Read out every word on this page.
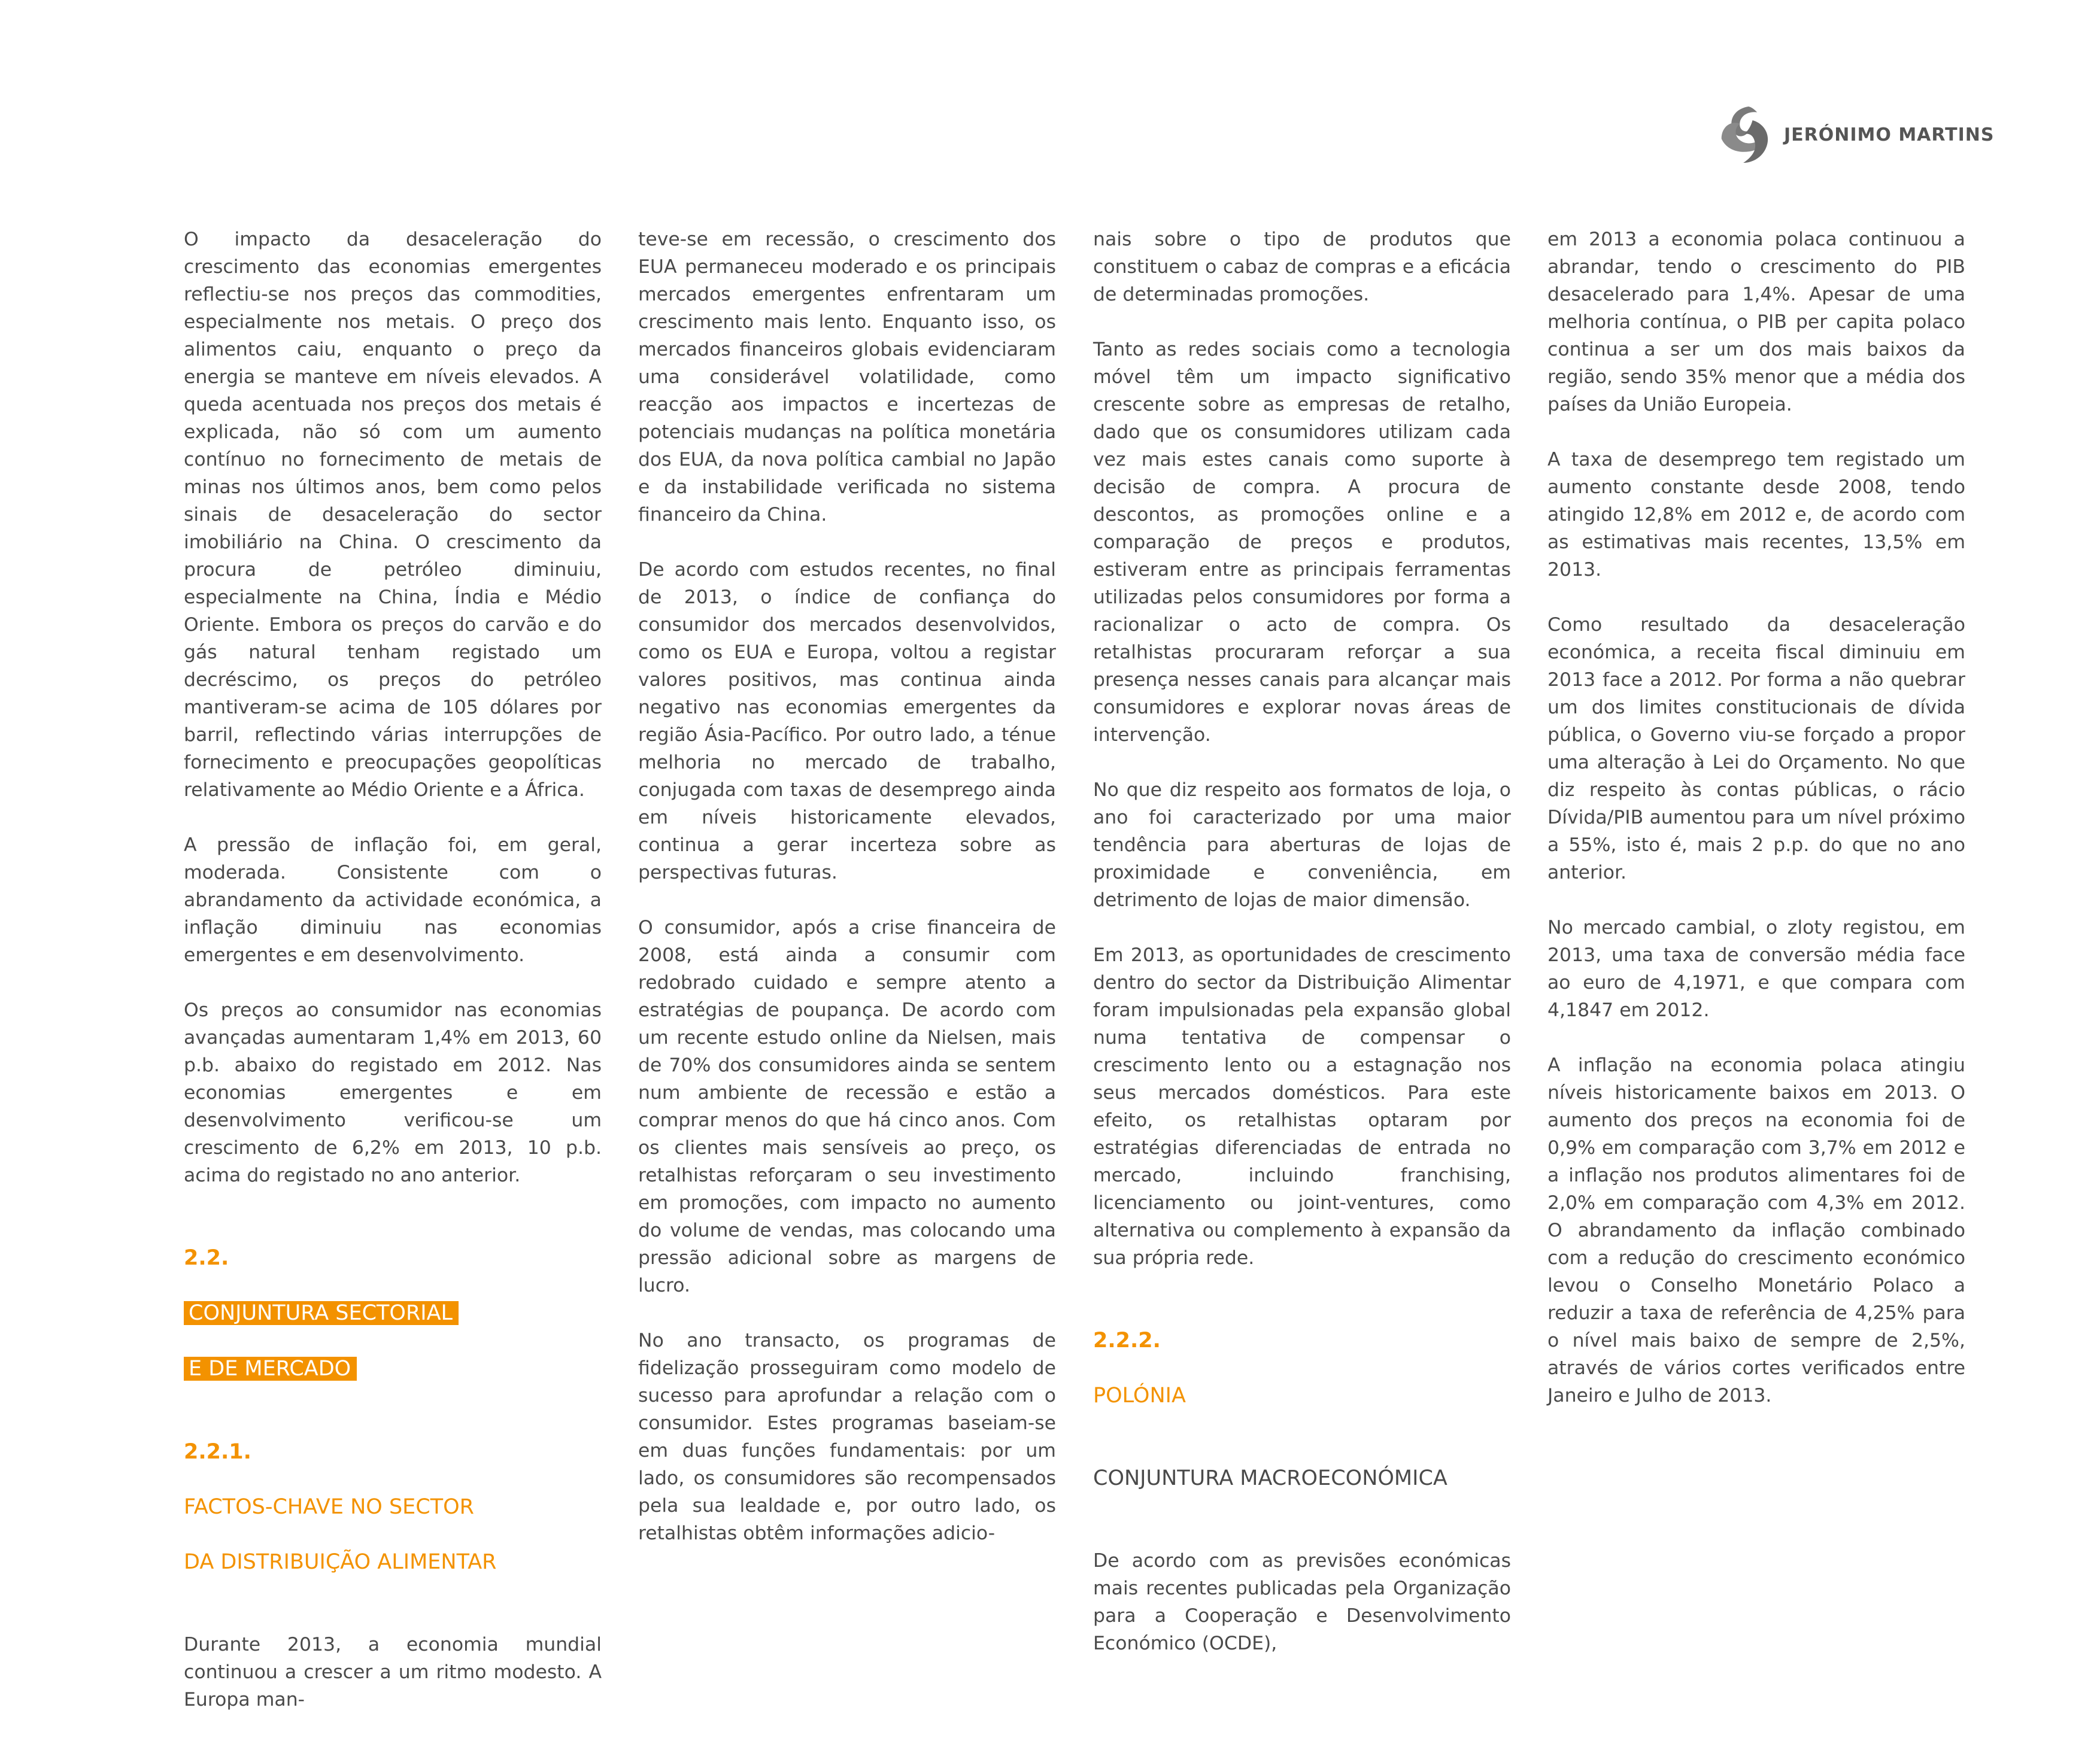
JERÓNIMO MARTINS

O impacto da desaceleração do crescimento das economias emergentes reflectiu-se nos preços das commodities, especialmente nos metais. O preço dos alimentos caiu, enquanto o preço da energia se manteve em níveis elevados. A queda acentuada nos preços dos metais é explicada, não só com um aumento contínuo no fornecimento de metais de minas nos últimos anos, bem como pelos sinais de desaceleração do sector imobiliário na China. O crescimento da procura de petróleo diminuiu, especialmente na China, Índia e Médio Oriente. Embora os preços do carvão e do gás natural tenham registado um decréscimo, os preços do petróleo mantiveram-se acima de 105 dólares por barril, reflectindo várias interrupções de fornecimento e preocupações geopolíticas relativamente ao Médio Oriente e a África.

A pressão de inflação foi, em geral, moderada. Consistente com o abrandamento da actividade económica, a inflação diminuiu nas economias emergentes e em desenvolvimento.

Os preços ao consumidor nas economias avançadas aumentaram 1,4% em 2013, 60 p.b. abaixo do registado em 2012. Nas economias emergentes e em desenvolvimento verificou-se um crescimento de 6,2% em 2013, 10 p.b. acima do registado no ano anterior.

2.2.

CONJUNTURA SECTORIAL

E DE MERCADO

2.2.1.

FACTOS-CHAVE NO SECTOR

DA DISTRIBUIÇÃO ALIMENTAR

Durante 2013, a economia mundial continuou a crescer a um ritmo modesto. A Europa man-

teve-se em recessão, o crescimento dos EUA permaneceu moderado e os principais mercados emergentes enfrentaram um crescimento mais lento. Enquanto isso, os mercados financeiros globais evidenciaram uma considerável volatilidade, como reacção aos impactos e incertezas de potenciais mudanças na política monetária dos EUA, da nova política cambial no Japão e da instabilidade verificada no sistema financeiro da China.

De acordo com estudos recentes, no final de 2013, o índice de confiança do consumidor dos mercados desenvolvidos, como os EUA e Europa, voltou a registar valores positivos, mas continua ainda negativo nas economias emergentes da região Ásia-Pacífico. Por outro lado, a ténue melhoria no mercado de trabalho, conjugada com taxas de desemprego ainda em níveis historicamente elevados, continua a gerar incerteza sobre as perspectivas futuras.

O consumidor, após a crise financeira de 2008, está ainda a consumir com redobrado cuidado e sempre atento a estratégias de poupança. De acordo com um recente estudo online da Nielsen, mais de 70% dos consumidores ainda se sentem num ambiente de recessão e estão a comprar menos do que há cinco anos. Com os clientes mais sensíveis ao preço, os retalhistas reforçaram o seu investimento em promoções, com impacto no aumento do volume de vendas, mas colocando uma pressão adicional sobre as margens de lucro.

No ano transacto, os programas de fidelização prosseguiram como modelo de sucesso para aprofundar a relação com o consumidor. Estes programas baseiam-se em duas funções fundamentais: por um lado, os consumidores são recompensados pela sua lealdade e, por outro lado, os retalhistas obtêm informações adicio-

nais sobre o tipo de produtos que constituem o cabaz de compras e a eficácia de determinadas promoções.

Tanto as redes sociais como a tecnologia móvel têm um impacto significativo crescente sobre as empresas de retalho, dado que os consumidores utilizam cada vez mais estes canais como suporte à decisão de compra. A procura de descontos, as promoções online e a comparação de preços e produtos, estiveram entre as principais ferramentas utilizadas pelos consumidores por forma a racionalizar o acto de compra. Os retalhistas procuraram reforçar a sua presença nesses canais para alcançar mais consumidores e explorar novas áreas de intervenção.

No que diz respeito aos formatos de loja, o ano foi caracterizado por uma maior tendência para aberturas de lojas de proximidade e conveniência, em detrimento de lojas de maior dimensão.

Em 2013, as oportunidades de crescimento dentro do sector da Distribuição Alimentar foram impulsionadas pela expansão global numa tentativa de compensar o crescimento lento ou a estagnação nos seus mercados domésticos. Para este efeito, os retalhistas optaram por estratégias diferenciadas de entrada no mercado, incluindo franchising, licenciamento ou joint-ventures, como alternativa ou complemento à expansão da sua própria rede.

2.2.2.

POLÓNIA

CONJUNTURA MACROECONÓMICA

De acordo com as previsões económicas mais recentes publicadas pela Organização para a Cooperação e Desenvolvimento Económico (OCDE),

em 2013 a economia polaca continuou a abrandar, tendo o crescimento do PIB desacelerado para 1,4%. Apesar de uma melhoria contínua, o PIB per capita polaco continua a ser um dos mais baixos da região, sendo 35% menor que a média dos países da União Europeia.

A taxa de desemprego tem registado um aumento constante desde 2008, tendo atingido 12,8% em 2012 e, de acordo com as estimativas mais recentes, 13,5% em 2013.

Como resultado da desaceleração económica, a receita fiscal diminuiu em 2013 face a 2012. Por forma a não quebrar um dos limites constitucionais de dívida pública, o Governo viu-se forçado a propor uma alteração à Lei do Orçamento. No que diz respeito às contas públicas, o rácio Dívida/PIB aumentou para um nível próximo a 55%, isto é, mais 2 p.p. do que no ano anterior.

No mercado cambial, o zloty registou, em 2013, uma taxa de conversão média face ao euro de 4,1971, e que compara com 4,1847 em 2012.

A inflação na economia polaca atingiu níveis historicamente baixos em 2013. O aumento dos preços na economia foi de 0,9% em comparação com 3,7% em 2012 e a inflação nos produtos alimentares foi de 2,0% em comparação com 4,3% em 2012. O abrandamento da inflação combinado com a redução do crescimento económico levou o Conselho Monetário Polaco a reduzir a taxa de referência de 4,25% para o nível mais baixo de sempre de 2,5%, através de vários cortes verificados entre Janeiro e Julho de 2013.
